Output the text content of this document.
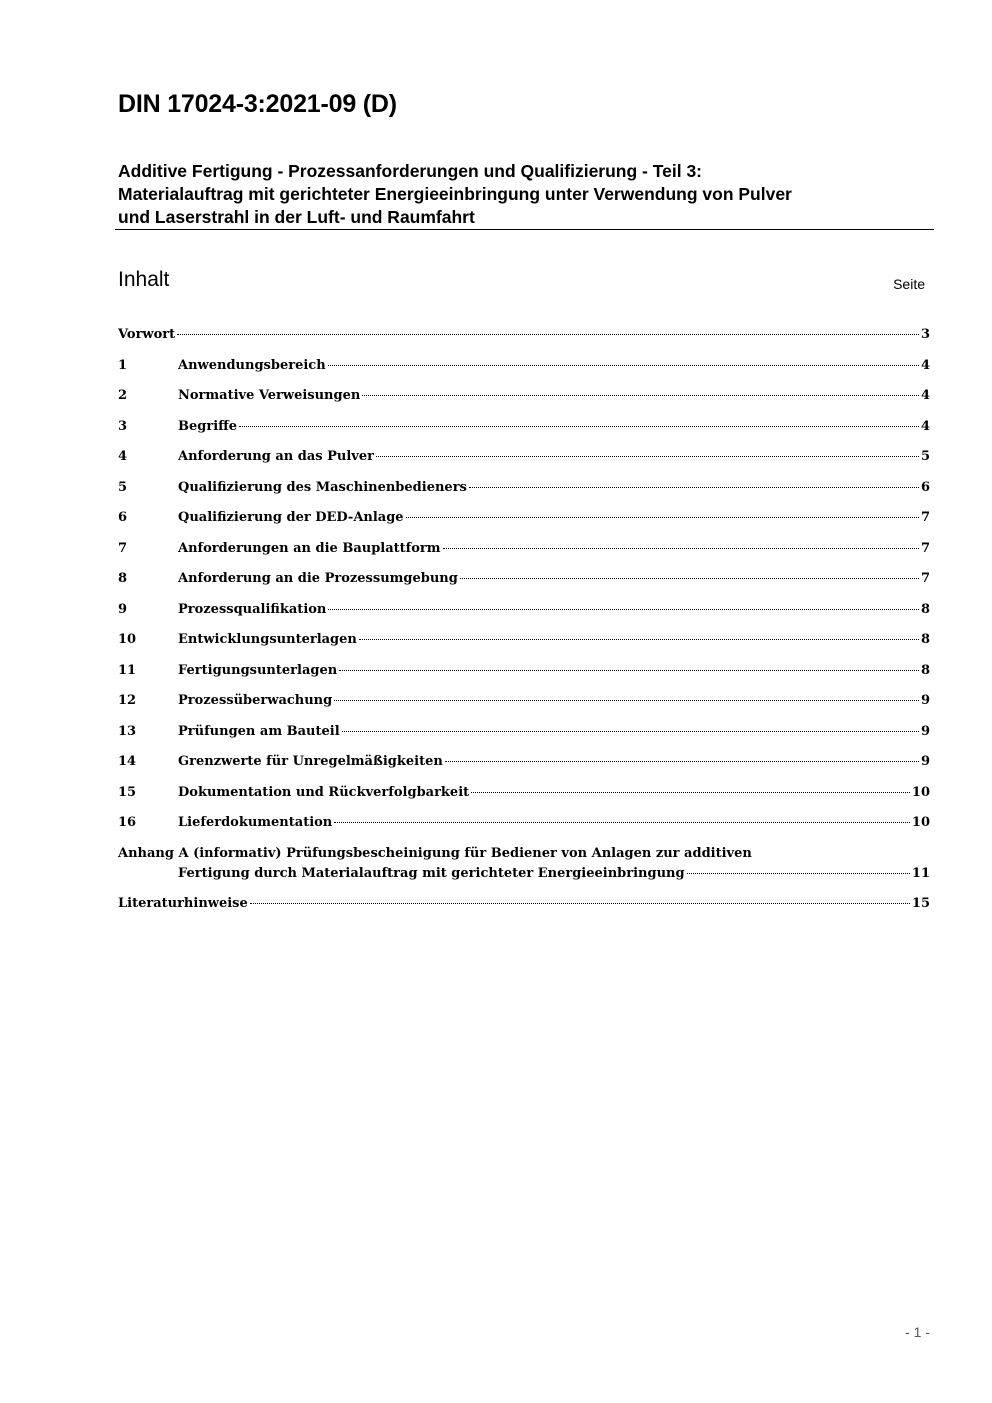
DIN 17024-3:2021-09 (D)
Additive Fertigung - Prozessanforderungen und Qualifizierung - Teil 3:
Materialauftrag mit gerichteter Energieeinbringung unter Verwendung von Pulver
und Laserstrahl in der Luft- und Raumfahrt
Inhalt	Seite
Vorwort	3
1	Anwendungsbereich	4
2	Normative Verweisungen	4
3	Begriffe	4
4	Anforderung an das Pulver	5
5	Qualifizierung des Maschinenbedieners	6
6	Qualifizierung der DED-Anlage	7
7	Anforderungen an die Bauplattform	7
8	Anforderung an die Prozessumgebung	7
9	Prozessqualifikation	8
10	Entwicklungsunterlagen	8
11	Fertigungsunterlagen	8
12	Prozessüberwachung	9
13	Prüfungen am Bauteil	9
14	Grenzwerte für Unregelmäßigkeiten	9
15	Dokumentation und Rückverfolgbarkeit	10
16	Lieferdokumentation	10
Anhang A (informativ) Prüfungsbescheinigung für Bediener von Anlagen zur additiven
Fertigung durch Materialauftrag mit gerichteter Energieeinbringung	11
Literaturhinweise	15
- 1 -
